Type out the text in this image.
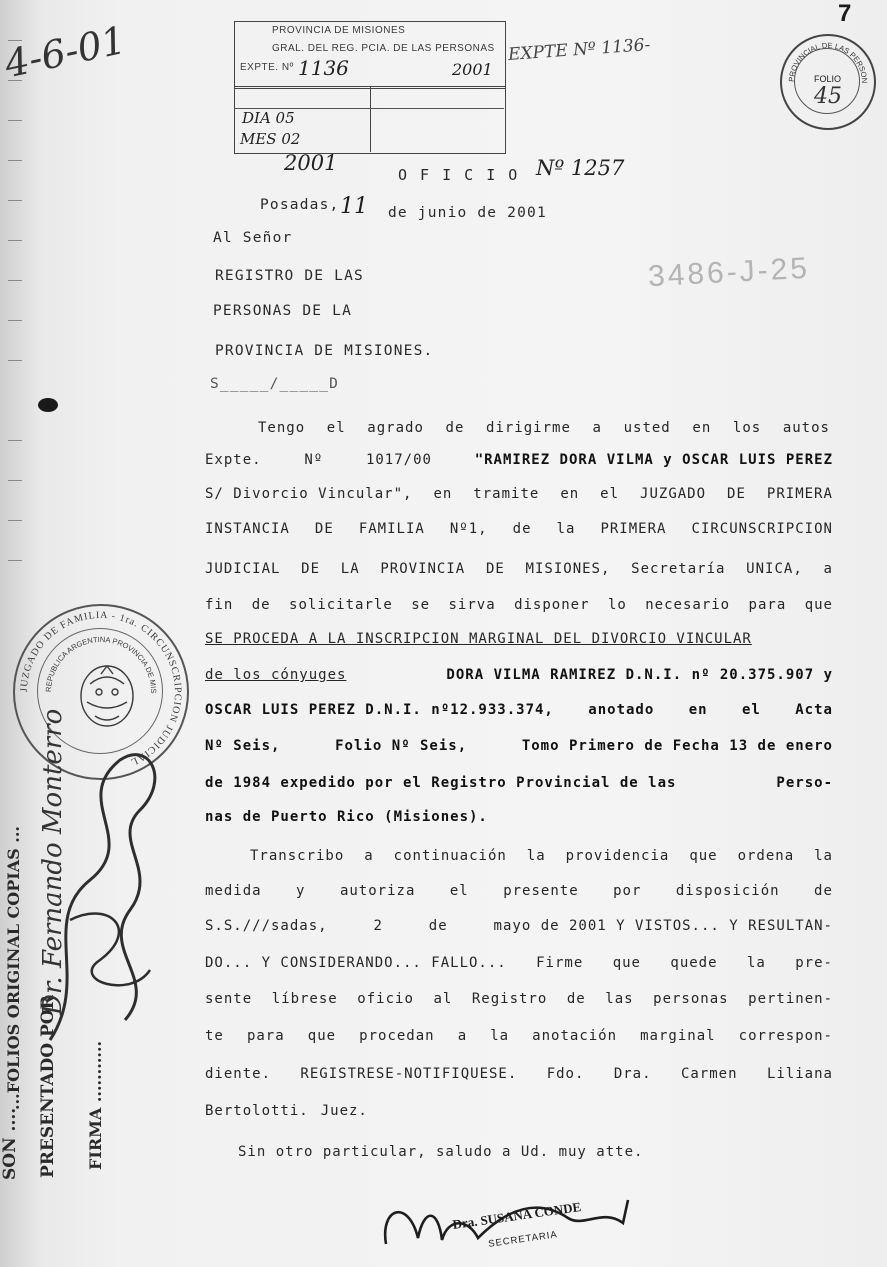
4-6-01
7
PROVINCIA DE MISIONES
GRAL. DEL REG. PCIA. DE LAS PERSONAS
EXPTE. Nº 1136	2001
EXPTE Nº 1136-
DIA 05
MES 02
PROVINCIAL DE LAS PERSONAS
FOLIO
45
2001	O F I C I O Nº 1257
Posadas, 11 de junio de 2001
3486-J-25
Al Señor
REGISTRO DE LAS
PERSONAS DE LA
PROVINCIA DE MISIONES.
S_____/_____D
Tengo el agrado de dirigirme a usted en los autos
Expte.	Nº	1017/00	"RAMIREZ DORA VILMA y OSCAR LUIS PEREZ
S/ Divorcio Vincular", en tramite en el JUZGADO DE PRIMERA
INSTANCIA DE FAMILIA Nº1, de la PRIMERA CIRCUNSCRIPCION
JUDICIAL DE LA PROVINCIA DE MISIONES, Secretaría UNICA, a
fin de solicitarle se sirva disponer lo necesario para que
SE PROCEDA A LA INSCRIPCION MARGINAL DEL DIVORCIO VINCULAR
de los cónyuges	DORA VILMA RAMIREZ D.N.I. nº 20.375.907 y
OSCAR LUIS PEREZ D.N.I. nº12.933.374, anotado en el Acta
Nº Seis,	Folio Nº Seis,	Tomo Primero de Fecha 13 de enero
de 1984 expedido por el Registro Provincial de las	Perso-
nas de Puerto Rico (Misiones).
Transcribo a continuación la providencia que ordena la
medida y autoriza el presente por disposición de
S.S.///sadas,	2	de	mayo de 2001 Y VISTOS... Y RESULTAN-
DO... Y CONSIDERANDO... FALLO... Firme que quede la pre-
sente líbrese oficio al Registro de las personas pertinen-
te para que procedan a la anotación marginal correspon-
diente. REGISTRESE-NOTIFIQUESE. Fdo. Dra. Carmen Liliana
Bertolotti. Juez.
Sin otro particular, saludo a Ud. muy atte.
JUZGADO DE FAMILIA - 1ra. CIRCUNSCRIPCION JUDICIAL
REPUBLICA ARGENTINA PROVINCIA DE MISIONES
SON ....
...FOLIOS ORIGINAL COPIAS ... PRESENTADO POR
Dr. Fernando Monterro
FIRMA ...........
Dra. SUSANA CONDE
SECRETARIA
